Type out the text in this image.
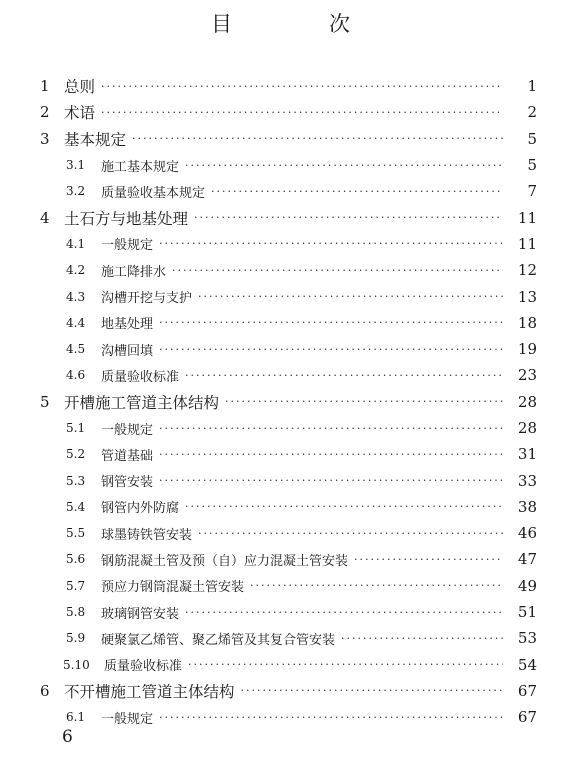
目　次
1 总则 ·····	1
2 术语 ·····	2
3 基本规定 ·····	5
3.1	施工基本规定 ·····	5
3.2	质量验收基本规定 ·····	7
4 土石方与地基处理 ·····	11
4.1	一般规定 ·····	11
4.2	施工降排水 ·····	12
4.3	沟槽开挖与支护 ·····	13
4.4	地基处理 ·····	18
4.5	沟槽回填 ·····	19
4.6	质量验收标准 ·····	23
5 开槽施工管道主体结构 ·····	28
5.1	一般规定 ·····	28
5.2	管道基础 ·····	31
5.3	钢管安装 ·····	33
5.4	钢管内外防腐 ·····	38
5.5	球墨铸铁管安装 ·····	46
5.6	钢筋混凝土管及预（自）应力混凝土管安装 ·····	47
5.7	预应力钢筒混凝土管安装 ·····	49
5.8	玻璃钢管安装 ·····	51
5.9	硬聚氯乙烯管、聚乙烯管及其复合管安装 ·····	53
5.10	质量验收标准 ·····	54
6 不开槽施工管道主体结构 ·····	67
6.1	一般规定 ·····	67
6
